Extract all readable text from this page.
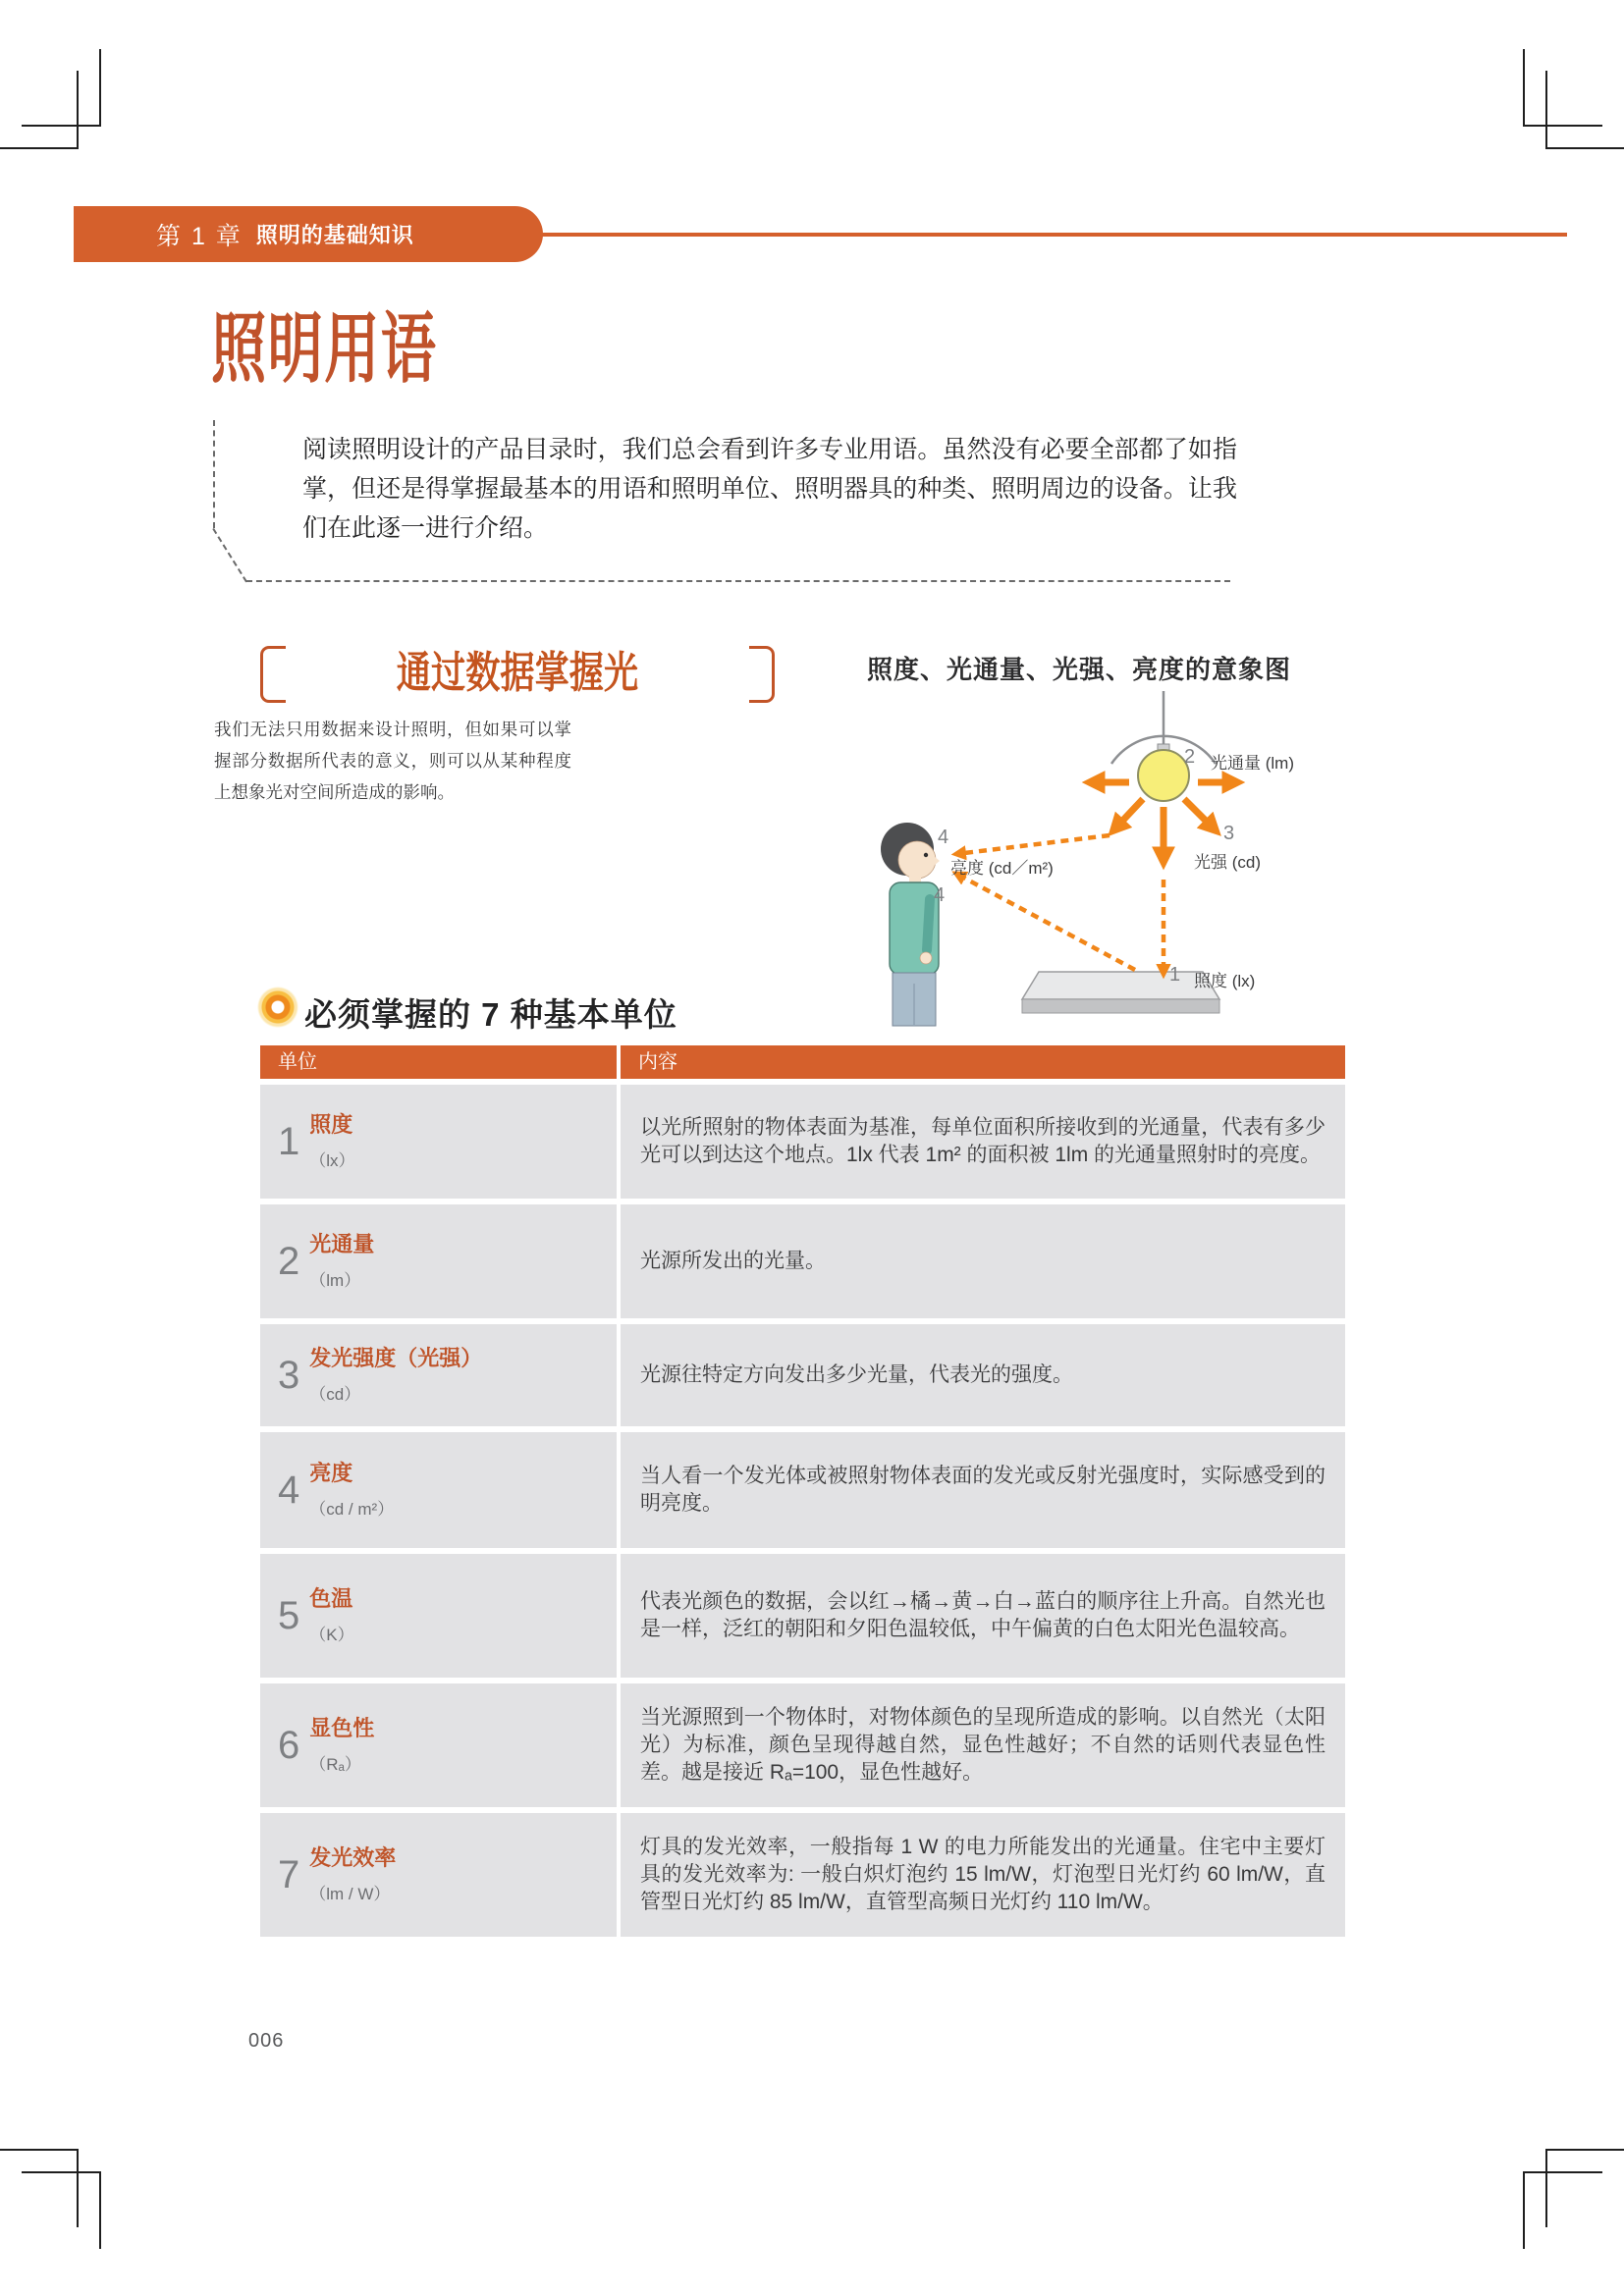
第 1 章 照明的基础知识
照明用语
阅读照明设计的产品目录时，我们总会看到许多专业用语。虽然没有必要全部都了如指掌，但还是得掌握最基本的用语和照明单位、照明器具的种类、照明周边的设备。让我们在此逐一进行介绍。
通过数据掌握光
我们无法只用数据来设计照明，但如果可以掌握部分数据所代表的意义，则可以从某种程度上想象光对空间所造成的影响。
照度、光通量、光强、亮度的意象图
2 光通量 (lm)
3
光强 (cd)
1 照度 (lx)
4
亮度 (cd／m²)
4
必须掌握的 7 种基本单位
单位	内容
1 照度
（lx）

以光所照射的物体表面为基准，每单位面积所接收到的光通量，代表有多少光可以到达这个地点。1lx 代表 1m² 的面积被 1lm 的光通量照射时的亮度。

2 光通量
（lm）

光源所发出的光量。

3 发光强度（光强）
（cd）

光源往特定方向发出多少光量，代表光的强度。

4 亮度
（cd / m²）

当人看一个发光体或被照射物体表面的发光或反射光强度时，实际感受到的明亮度。

5 色温
（K）

代表光颜色的数据，会以红→橘→黄→白→蓝白的顺序往上升高。自然光也是一样，泛红的朝阳和夕阳色温较低，中午偏黄的白色太阳光色温较高。

6 显色性
（Rₐ）

当光源照到一个物体时，对物体颜色的呈现所造成的影响。以自然光（太阳光）为标准，颜色呈现得越自然，显色性越好；不自然的话则代表显色性差。越是接近 Rₐ=100，显色性越好。

7 发光效率
（lm / W）

灯具的发光效率，一般指每 1 W 的电力所能发出的光通量。住宅中主要灯具的发光效率为: 一般白炽灯泡约 15 lm/W，灯泡型日光灯约 60 lm/W，直管型日光灯约 85 lm/W，直管型高频日光灯约 110 lm/W。

006
